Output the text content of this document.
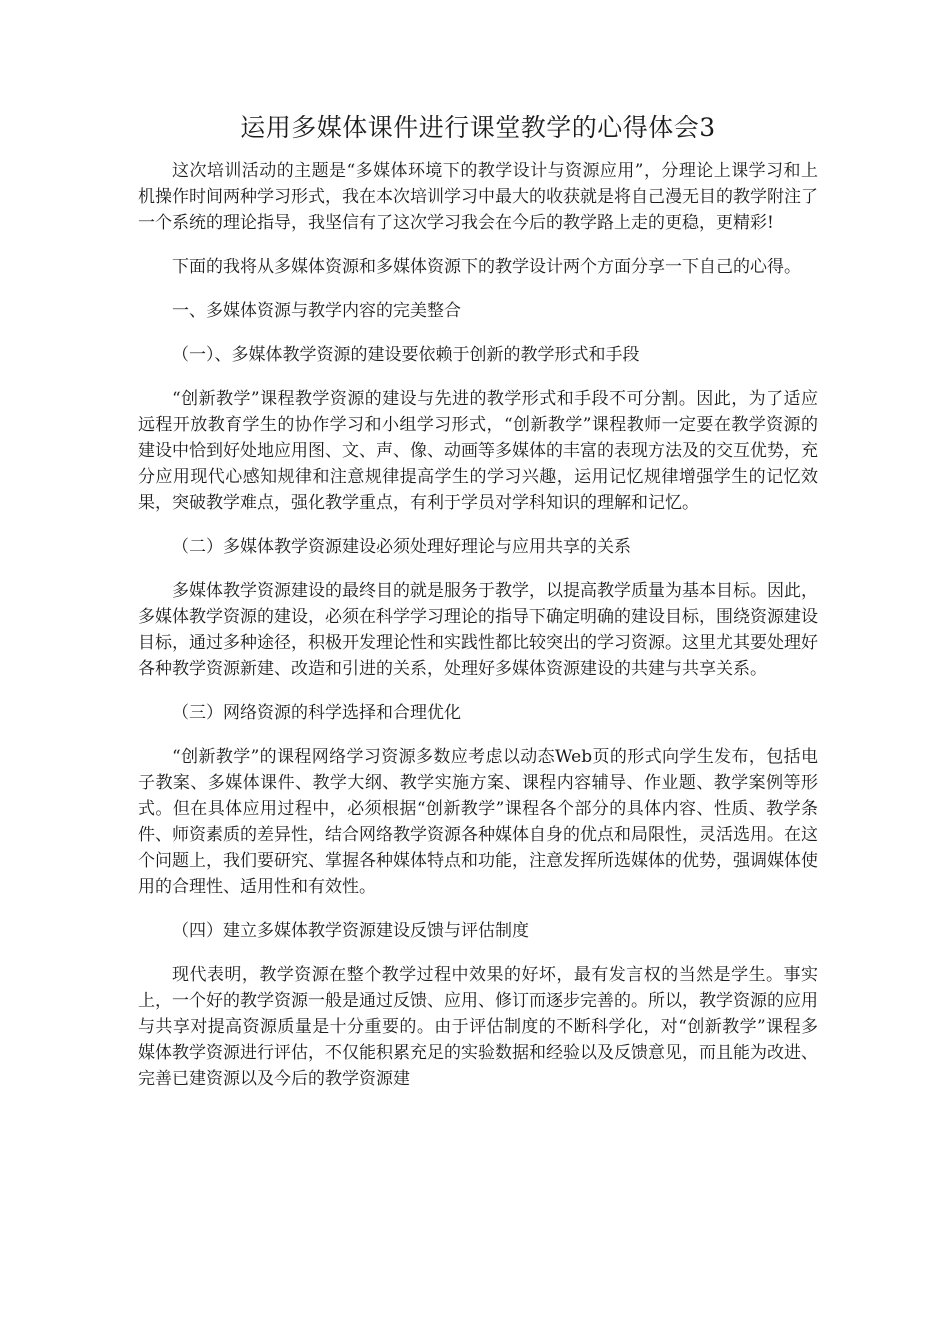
运用多媒体课件进行课堂教学的心得体会3

这次培训活动的主题是“多媒体环境下的教学设计与资源应用”，分理论上课学习和上机操作时间两种学习形式，我在本次培训学习中最大的收获就是将自己漫无目的教学附注了一个系统的理论指导，我坚信有了这次学习我会在今后的教学路上走的更稳，更精彩!

下面的我将从多媒体资源和多媒体资源下的教学设计两个方面分享一下自己的心得。

一、多媒体资源与教学内容的完美整合

（一）、多媒体教学资源的建设要依赖于创新的教学形式和手段

“创新教学”课程教学资源的建设与先进的教学形式和手段不可分割。因此，为了适应远程开放教育学生的协作学习和小组学习形式，“创新教学”课程教师一定要在教学资源的建设中恰到好处地应用图、文、声、像、动画等多媒体的丰富的表现方法及的交互优势，充分应用现代心感知规律和注意规律提高学生的学习兴趣，运用记忆规律增强学生的记忆效果，突破教学难点，强化教学重点，有利于学员对学科知识的理解和记忆。

（二）多媒体教学资源建设必须处理好理论与应用共享的关系

多媒体教学资源建设的最终目的就是服务于教学，以提高教学质量为基本目标。因此，多媒体教学资源的建设，必须在科学学习理论的指导下确定明确的建设目标，围绕资源建设目标，通过多种途径，积极开发理论性和实践性都比较突出的学习资源。这里尤其要处理好各种教学资源新建、改造和引进的关系，处理好多媒体资源建设的共建与共享关系。

（三）网络资源的科学选择和合理优化

“创新教学”的课程网络学习资源多数应考虑以动态Web页的形式向学生发布，包括电子教案、多媒体课件、教学大纲、教学实施方案、课程内容辅导、作业题、教学案例等形式。但在具体应用过程中，必须根据“创新教学”课程各个部分的具体内容、性质、教学条件、师资素质的差异性，结合网络教学资源各种媒体自身的优点和局限性，灵活选用。在这个问题上，我们要研究、掌握各种媒体特点和功能，注意发挥所选媒体的优势，强调媒体使用的合理性、适用性和有效性。

（四）建立多媒体教学资源建设反馈与评估制度

现代表明，教学资源在整个教学过程中效果的好坏，最有发言权的当然是学生。事实上，一个好的教学资源一般是通过反馈、应用、修订而逐步完善的。所以，教学资源的应用与共享对提高资源质量是十分重要的。由于评估制度的不断科学化，对“创新教学”课程多媒体教学资源进行评估，不仅能积累充足的实验数据和经验以及反馈意见，而且能为改进、完善已建资源以及今后的教学资源建
